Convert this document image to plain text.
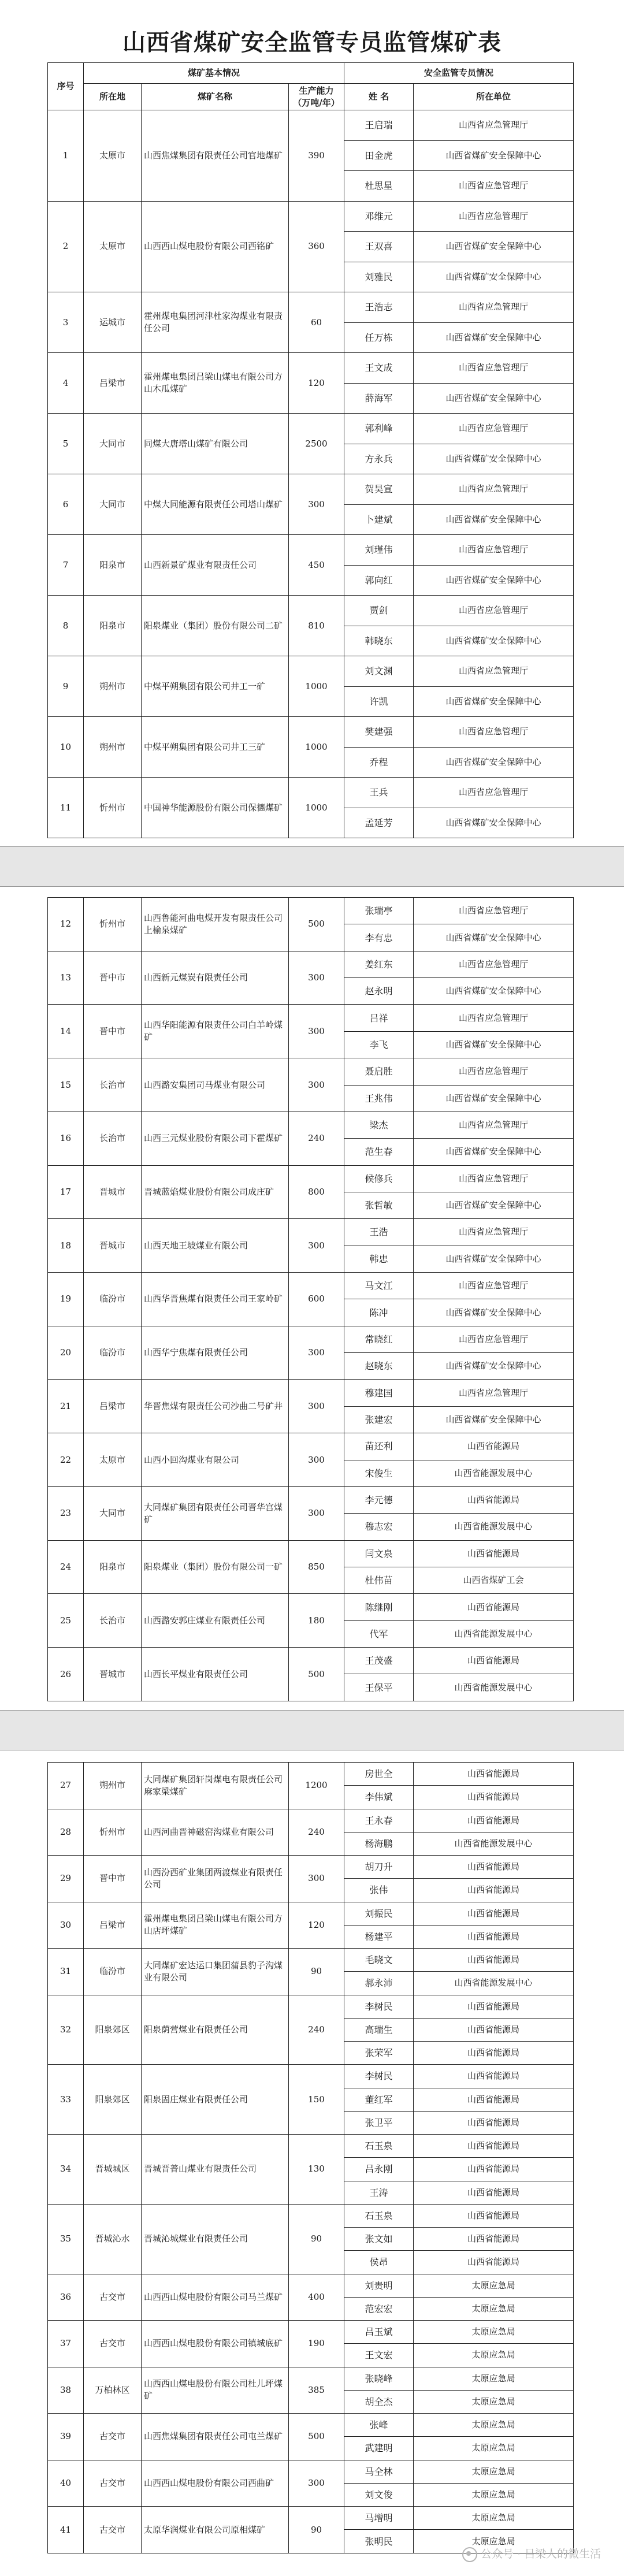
山西省煤矿安全监管专员监管煤矿表
序号	煤矿基本情况			安全监管专员情况	
	所在地	煤矿名称	生产能力（万吨/年）	姓 名	所在单位
1	太原市	山西焦煤集团有限责任公司官地煤矿	390	王启瑞	山西省应急管理厅
				田金虎	山西省煤矿安全保障中心
				杜思星	山西省应急管理厅
2	太原市	山西西山煤电股份有限公司西铭矿	360	邓维元	山西省应急管理厅
				王双喜	山西省煤矿安全保障中心
				刘雅民	山西省煤矿安全保障中心
3	运城市	霍州煤电集团河津杜家沟煤业有限责任公司	60	王浩志	山西省应急管理厅
				任万栋	山西省煤矿安全保障中心
4	吕梁市	霍州煤电集团吕梁山煤电有限公司方山木瓜煤矿	120	王文成	山西省应急管理厅
				薛海军	山西省煤矿安全保障中心
5	大同市	同煤大唐塔山煤矿有限公司	2500	郭利峰	山西省应急管理厅
				方永兵	山西省煤矿安全保障中心
6	大同市	中煤大同能源有限责任公司塔山煤矿	300	贺昊宣	山西省应急管理厅
				卜建斌	山西省煤矿安全保障中心
7	阳泉市	山西新景矿煤业有限责任公司	450	刘瑾伟	山西省应急管理厅
				郭向红	山西省煤矿安全保障中心
8	阳泉市	阳泉煤业（集团）股份有限公司二矿	810	贾剑	山西省应急管理厅
				韩晓东	山西省煤矿安全保障中心
9	朔州市	中煤平朔集团有限公司井工一矿	1000	刘文渊	山西省应急管理厅
				许凯	山西省煤矿安全保障中心
10	朔州市	中煤平朔集团有限公司井工三矿	1000	樊建强	山西省应急管理厅
				乔程	山西省煤矿安全保障中心
11	忻州市	中国神华能源股份有限公司保德煤矿	1000	王兵	山西省应急管理厅
				孟延芳	山西省煤矿安全保障中心
12	忻州市	山西鲁能河曲电煤开发有限责任公司上榆泉煤矿	500	张瑞亭	山西省应急管理厅
				李有忠	山西省煤矿安全保障中心
13	晋中市	山西新元煤炭有限责任公司	300	姜红东	山西省应急管理厅
				赵永明	山西省煤矿安全保障中心
14	晋中市	山西华阳能源有限责任公司白羊岭煤矿	300	吕祥	山西省应急管理厅
				李飞	山西省煤矿安全保障中心
15	长治市	山西潞安集团司马煤业有限公司	300	聂启胜	山西省应急管理厅
				王兆伟	山西省煤矿安全保障中心
16	长治市	山西三元煤业股份有限公司下霍煤矿	240	梁杰	山西省应急管理厅
				范生春	山西省煤矿安全保障中心
17	晋城市	晋城蓝焰煤业股份有限公司成庄矿	800	候修兵	山西省应急管理厅
				张哲敏	山西省煤矿安全保障中心
18	晋城市	山西天地王坡煤业有限公司	300	王浩	山西省应急管理厅
				韩忠	山西省煤矿安全保障中心
19	临汾市	山西华晋焦煤有限责任公司王家岭矿	600	马文江	山西省应急管理厅
				陈冲	山西省煤矿安全保障中心
20	临汾市	山西华宁焦煤有限责任公司	300	常晓红	山西省应急管理厅
				赵晓东	山西省煤矿安全保障中心
21	吕梁市	华晋焦煤有限责任公司沙曲二号矿井	300	穆建国	山西省应急管理厅
				张建宏	山西省煤矿安全保障中心
22	太原市	山西小回沟煤业有限公司	300	苗还利	山西省能源局
				宋俊生	山西省能源发展中心
23	大同市	大同煤矿集团有限责任公司晋华宫煤矿	300	李元德	山西省能源局
				穆志宏	山西省能源发展中心
24	阳泉市	阳泉煤业（集团）股份有限公司一矿	850	闫文泉	山西省能源局
				杜伟苗	山西省煤矿工会
25	长治市	山西潞安郭庄煤业有限责任公司	180	陈继刚	山西省能源局
				代军	山西省能源发展中心
26	晋城市	山西长平煤业有限责任公司	500	王茂盛	山西省能源局
				王保平	山西省能源发展中心
27	朔州市	大同煤矿集团轩岗煤电有限责任公司麻家梁煤矿	1200	房世全	山西省能源局
				李伟斌	山西省能源局
28	忻州市	山西河曲晋神磁窑沟煤业有限公司	240	王永春	山西省能源局
				杨海鹏	山西省能源发展中心
29	晋中市	山西汾西矿业集团两渡煤业有限责任公司	300	胡刀升	山西省能源局
				张伟	山西省能源局
30	吕梁市	霍州煤电集团吕梁山煤电有限公司方山店坪煤矿	120	刘振民	山西省能源局
				杨建平	山西省能源局
31	临汾市	大同煤矿宏达运口集团蒲县豹子沟煤业有限公司	90	毛晓文	山西省能源局
				郝永沛	山西省能源发展中心
32	阳泉郊区	阳泉荫营煤业有限责任公司	240	李树民	山西省能源局
				高瑞生	山西省能源局
				张荣军	山西省能源局
33	阳泉郊区	阳泉固庄煤业有限责任公司	150	李树民	山西省能源局
				董红军	山西省能源局
				张卫平	山西省能源局
34	晋城城区	晋城晋普山煤业有限责任公司	130	石玉泉	山西省能源局
				吕永刚	山西省能源局
				王涛	山西省能源局
35	晋城沁水	晋城沁城煤业有限责任公司	90	石玉泉	山西省能源局
				张文如	山西省能源局
				侯昂	山西省能源局
36	古交市	山西西山煤电股份有限公司马兰煤矿	400	刘贵明	太原应急局
				范宏宏	太原应急局
37	古交市	山西西山煤电股份有限公司镇城底矿	190	吕玉斌	太原应急局
				王文宏	太原应急局
38	万柏林区	山西西山煤电股份有限公司杜儿坪煤矿	385	张晓峰	太原应急局
				胡全杰	太原应急局
39	古交市	山西焦煤集团有限责任公司屯兰煤矿	500	张峰	太原应急局
				武建明	太原应急局
40	古交市	山西西山煤电股份有限公司西曲矿	300	马全林	太原应急局
				刘文俊	太原应急局
41	古交市	太原华润煤业有限公司原相煤矿	90	马增明	太原应急局
				张明民	太原应急局
公众号 · 吕梁人的微生活
